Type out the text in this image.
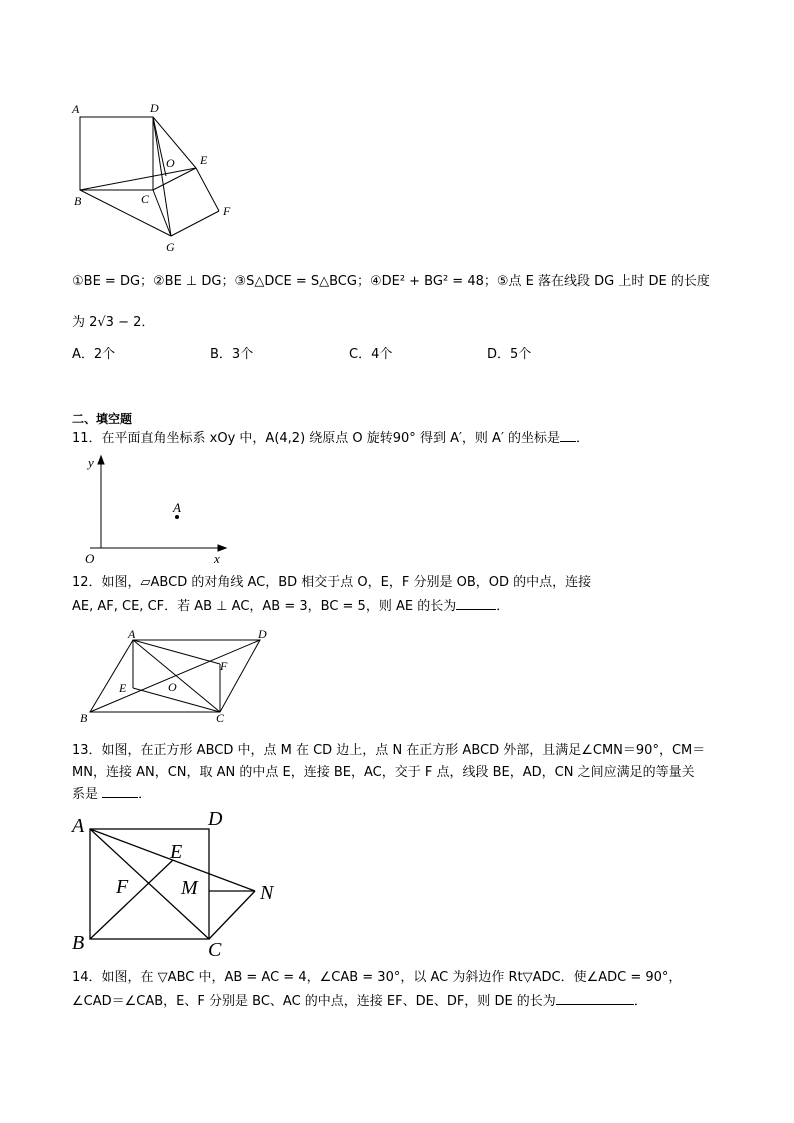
A	D
O E
B	C
F
G
①BE = DG；②BE ⊥ DG；③S△DCE = S△BCG；④DE² + BG² = 48；⑤点 E 落在线段 DG 上时 DE 的长度
为 2√3 − 2．
A．2个	B．3个	C．4个	D．5个
二、填空题
11．在平面直角坐标系 xOy 中，A(4,2) 绕原点 O 旋转90° 得到 A′，则 A′ 的坐标是 ．
y
x
O
A
12．如图，▱ABCD 的对角线 AC，BD 相交于点 O，E，F 分别是 OB，OD 的中点，连接
AE, AF, CE, CF．若 AB ⊥ AC，AB = 3，BC = 5，则 AE 的长为	．
A	D
F
O
E
B	C
13．如图，在正方形 ABCD 中，点 M 在 CD 边上，点 N 在正方形 ABCD 外部，且满足∠CMN＝90°，CM＝
MN，连接 AN，CN，取 AN 的中点 E，连接 BE，AC，交于 F 点，线段 BE，AD，CN 之间应满足的等量关
系是	．
A	D
E
F	M	N
B	C
14．如图，在 ▽ABC 中，AB = AC = 4，∠CAB = 30°，以 AC 为斜边作 Rt▽ADC．使∠ADC = 90°，
∠CAD＝∠CAB，E、F 分别是 BC、AC 的中点，连接 EF、DE、DF，则 DE 的长为	．
